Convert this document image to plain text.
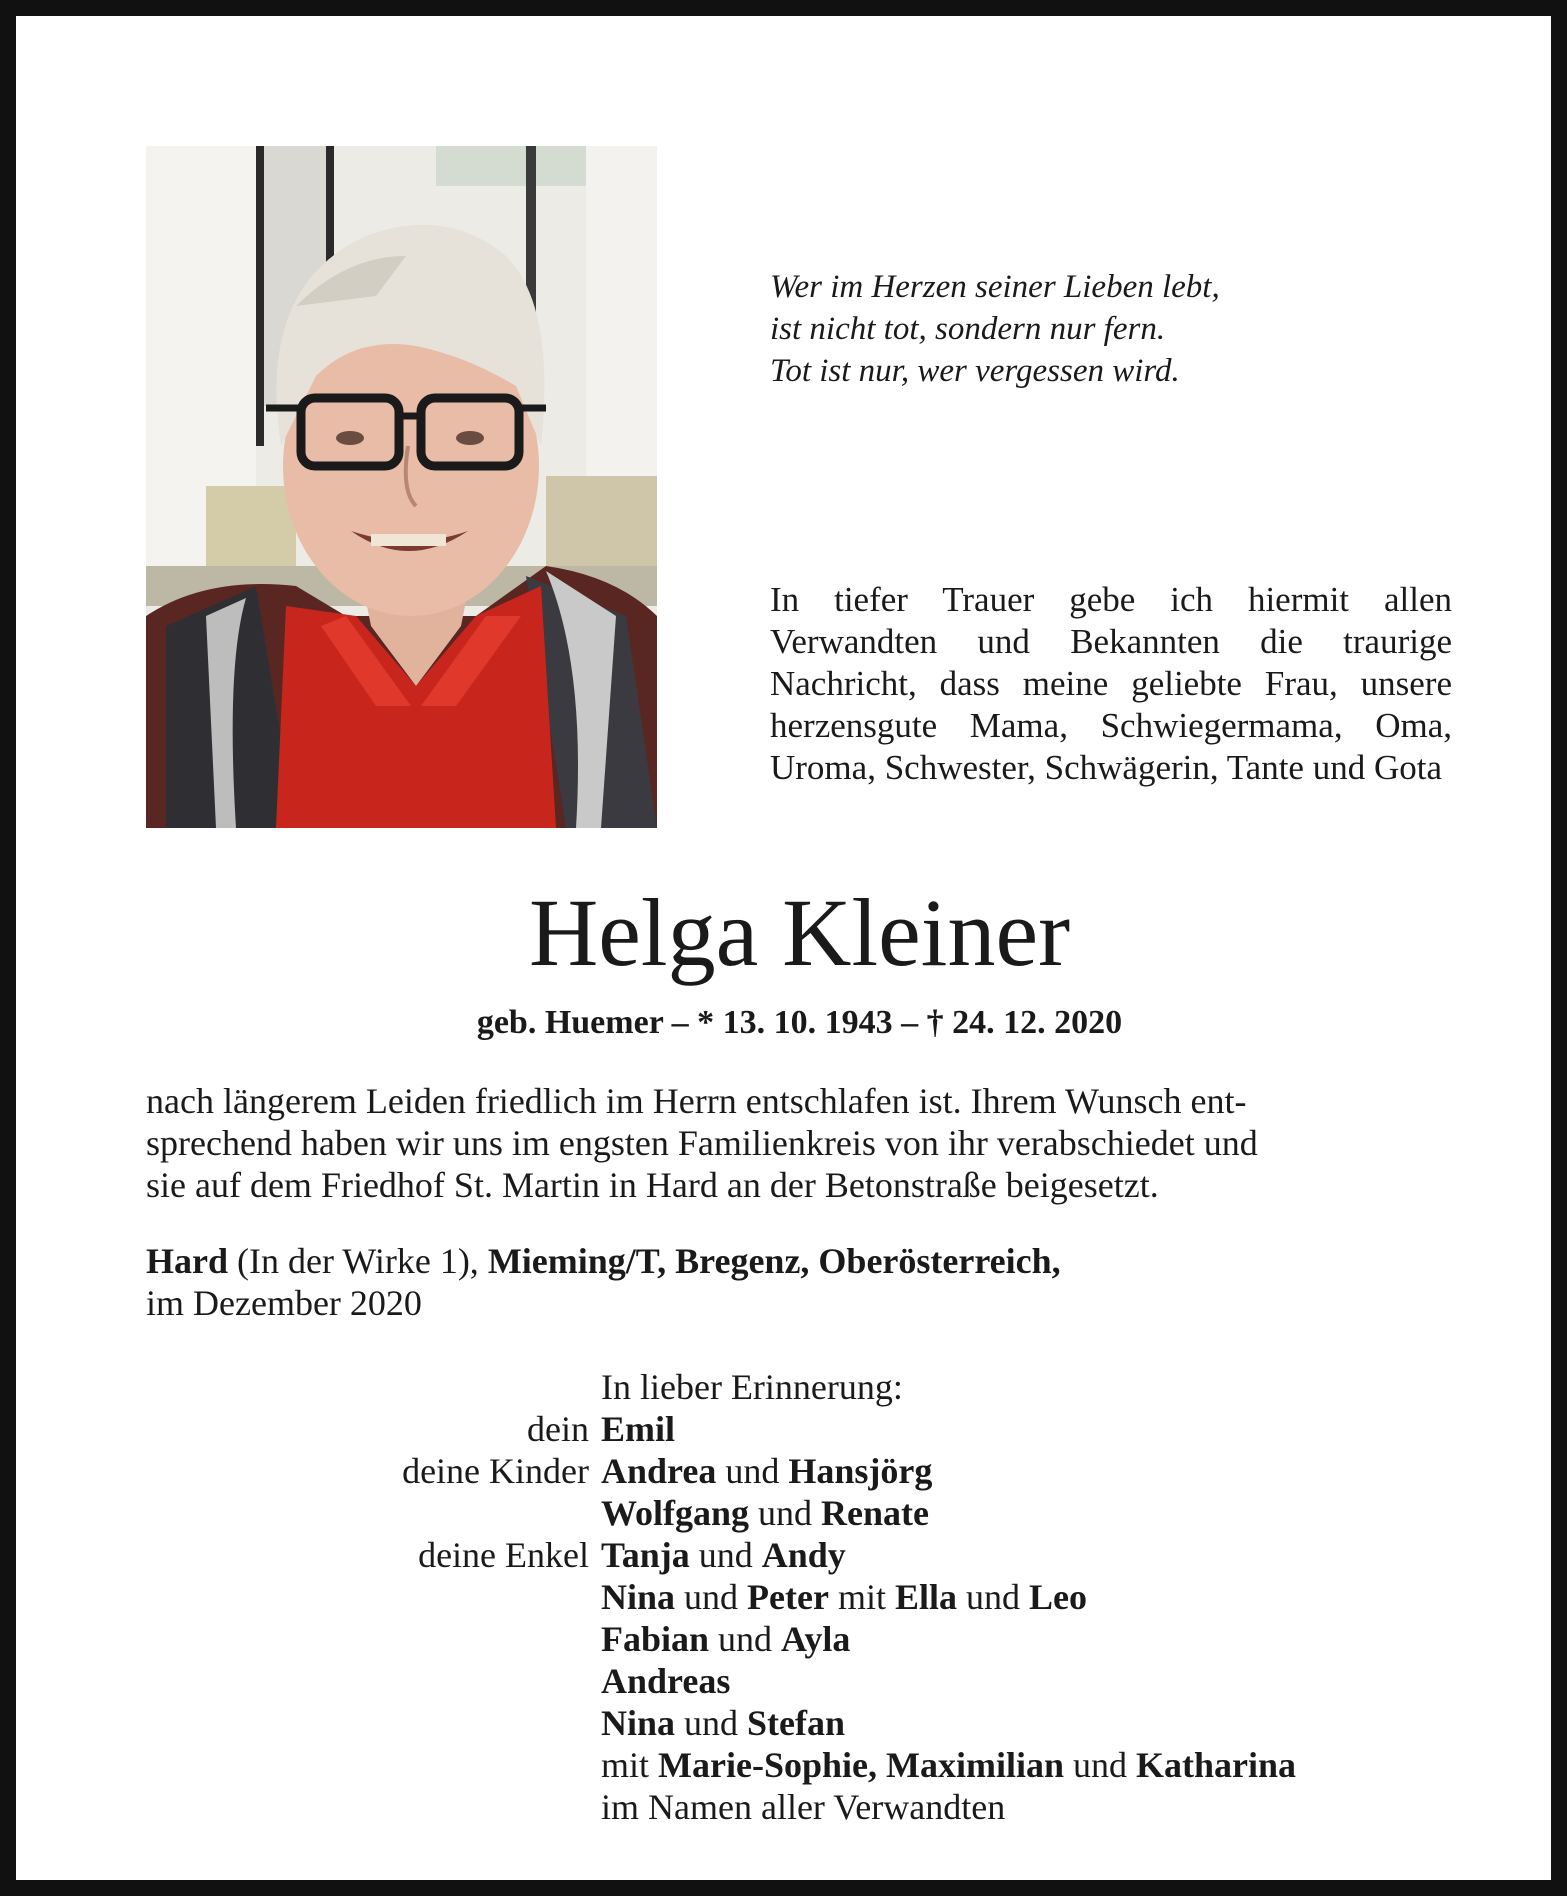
Wer im Herzen seiner Lieben lebt,
ist nicht tot, sondern nur fern.
Tot ist nur, wer vergessen wird.
In tiefer Trauer gebe ich hiermit allen Verwandten und Bekannten die traurige Nachricht, dass meine geliebte Frau, unsere herzensgute Mama, Schwiegermama, Oma, Uroma, Schwester, Schwägerin, Tante und Gota
Helga Kleiner
geb. Huemer – * 13. 10. 1943 – † 24. 12. 2020
nach längerem Leiden friedlich im Herrn entschlafen ist. Ihrem Wunsch ent-
sprechend haben wir uns im engsten Familienkreis von ihr verabschiedet und
sie auf dem Friedhof St. Martin in Hard an der Betonstraße beigesetzt.
Hard (In der Wirke 1), Mieming/T, Bregenz, Oberösterreich,
im Dezember 2020
In lieber Erinnerung:
dein Emil
deine Kinder Andrea und Hansjörg
Wolfgang und Renate
deine Enkel Tanja und Andy
Nina und Peter mit Ella und Leo
Fabian und Ayla
Andreas
Nina und Stefan
mit Marie-Sophie, Maximilian und Katharina
im Namen aller Verwandten
